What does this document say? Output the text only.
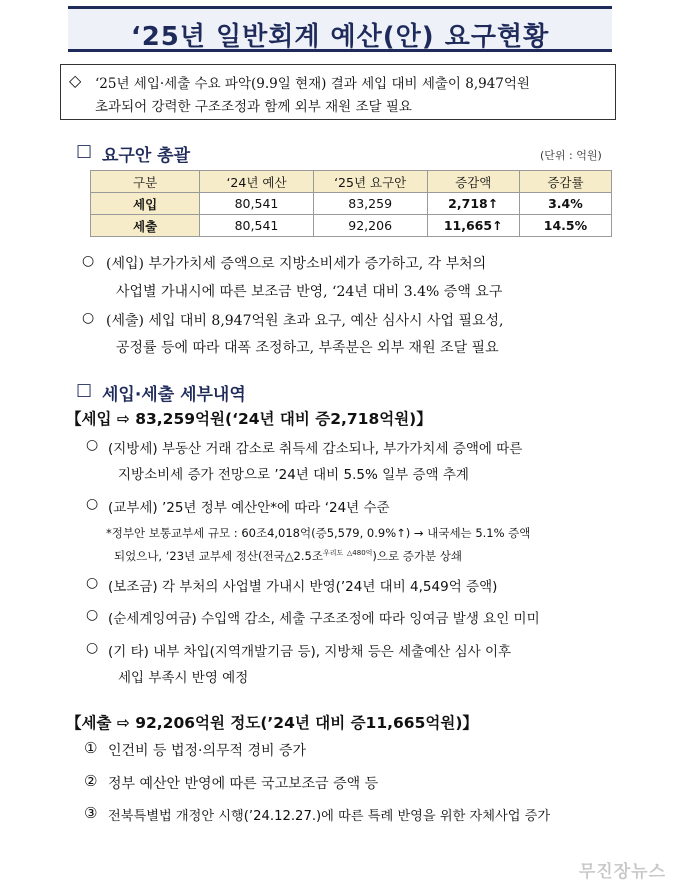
‘25년 일반회계 예산(안) 요구현황
◇ ‘25년 세입·세출 수요 파악(9.9일 현재) 결과 세입 대비 세출이 8,947억원
초과되어 강력한 구조조정과 함께 외부 재원 조달 필요
□ 요구안 총괄	(단위 : 억원)
구분	‘24년 예산	‘25년 요구안	증감액	증감률
세입	80,541	83,259	2,718↑	3.4%
세출	80,541	92,206	11,665↑	14.5%
○ (세입) 부가가치세 증액으로 지방소비세가 증가하고, 각 부처의
사업별 가내시에 따른 보조금 반영, ‘24년 대비 3.4% 증액 요구
○ (세출) 세입 대비 8,947억원 초과 요구, 예산 심사시 사업 필요성,
공정률 등에 따라 대폭 조정하고, 부족분은 외부 재원 조달 필요
□ 세입·세출 세부내역
【세입 ⇨ 83,259억원(‘24년 대비 증2,718억원)】
○ (지방세) 부동산 거래 감소로 취득세 감소되나, 부가가치세 증액에 따른
지방소비세 증가 전망으로 ’24년 대비 5.5% 일부 증액 추계
○ (교부세) ’25년 정부 예산안*에 따라 ‘24년 수준
*정부안 보통교부세 규모 : 60조4,018억(증5,579, 0.9%↑) → 내국세는 5.1% 증액
되었으나, ‘23년 교부세 정산(전국△2.5조$^{우리도}$ $^{\triangle 480억}$)으로 증가분 상쇄
○ (보조금) 각 부처의 사업별 가내시 반영(’24년 대비 4,549억 증액)
○ (순세계잉여금) 수입액 감소, 세출 구조조정에 따라 잉여금 발생 요인 미미
○ (기 타) 내부 차입(지역개발기금 등), 지방채 등은 세출예산 심사 이후
세입 부족시 반영 예정
【세출 ⇨ 92,206억원 정도(’24년 대비 증11,665억원)】
① 인건비 등 법정·의무적 경비 증가
② 정부 예산안 반영에 따른 국고보조금 증액 등
③ 전북특별법 개정안 시행(’24.12.27.)에 따른 특례 반영을 위한 자체사업 증가
무진장뉴스
